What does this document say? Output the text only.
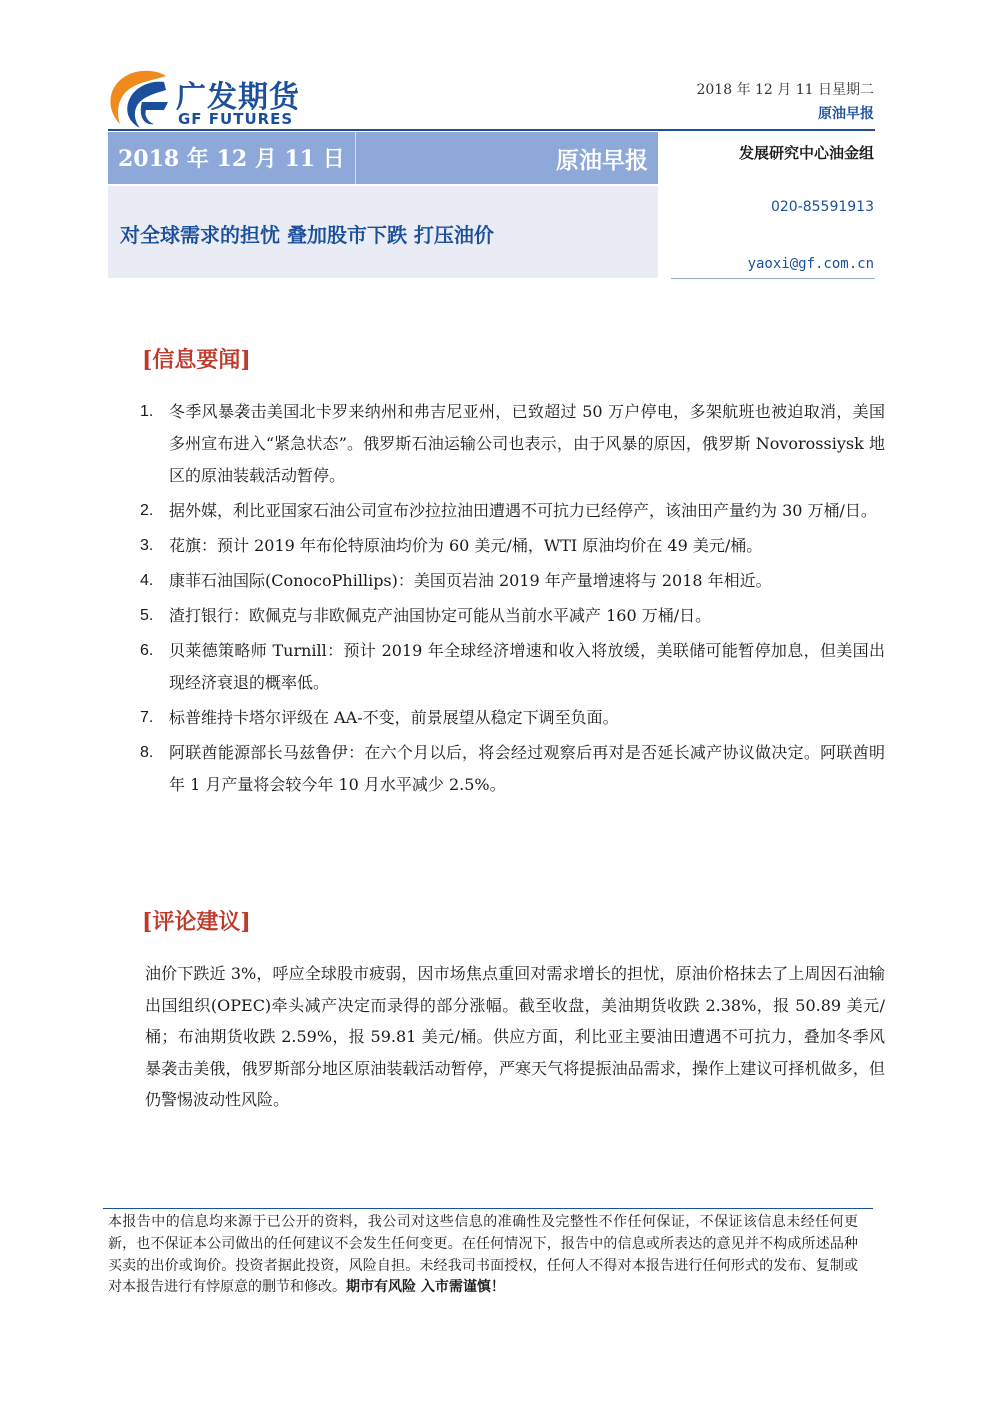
广发期货
GF FUTURES
2018 年 12 月 11 日星期二
原油早报
2018 年 12 月 11 日	原油早报
对全球需求的担忧 叠加股市下跌 打压油价
发展研究中心油金组
020-85591913
yaoxi@gf.com.cn
[信息要闻]
1. 冬季风暴袭击美国北卡罗来纳州和弗吉尼亚州，已致超过 50 万户停电，多架航班也被迫取消，美国多州宣布进入“紧急状态”。俄罗斯石油运输公司也表示，由于风暴的原因，俄罗斯 Novorossiysk 地区的原油装载活动暂停。
2. 据外媒，利比亚国家石油公司宣布沙拉拉油田遭遇不可抗力已经停产，该油田产量约为 30 万桶/日。
3. 花旗：预计 2019 年布伦特原油均价为 60 美元/桶，WTI 原油均价在 49 美元/桶。
4. 康菲石油国际(ConocoPhillips)：美国页岩油 2019 年产量增速将与 2018 年相近。
5. 渣打银行：欧佩克与非欧佩克产油国协定可能从当前水平减产 160 万桶/日。
6. 贝莱德策略师 Turnill：预计 2019 年全球经济增速和收入将放缓，美联储可能暂停加息，但美国出现经济衰退的概率低。
7. 标普维持卡塔尔评级在 AA-不变，前景展望从稳定下调至负面。
8. 阿联酋能源部长马兹鲁伊：在六个月以后，将会经过观察后再对是否延长减产协议做决定。阿联酋明年 1 月产量将会较今年 10 月水平减少 2.5%。
[评论建议]

油价下跌近 3%，呼应全球股市疲弱，因市场焦点重回对需求增长的担忧，原油价格抹去了上周因石油输出国组织(OPEC)牵头减产决定而录得的部分涨幅。截至收盘，美油期货收跌 2.38%，报 50.89 美元/桶；布油期货收跌 2.59%，报 59.81 美元/桶。供应方面，利比亚主要油田遭遇不可抗力，叠加冬季风暴袭击美俄，俄罗斯部分地区原油装载活动暂停，严寒天气将提振油品需求，操作上建议可择机做多，但仍警惕波动性风险。

本报告中的信息均来源于已公开的资料，我公司对这些信息的准确性及完整性不作任何保证，不保证该信息未经任何更新，也不保证本公司做出的任何建议不会发生任何变更。在任何情况下，报告中的信息或所表达的意见并不构成所述品种买卖的出价或询价。投资者据此投资，风险自担。未经我司书面授权，任何人不得对本报告进行任何形式的发布、复制或对本报告进行有悖原意的删节和修改。期市有风险 入市需谨慎！
